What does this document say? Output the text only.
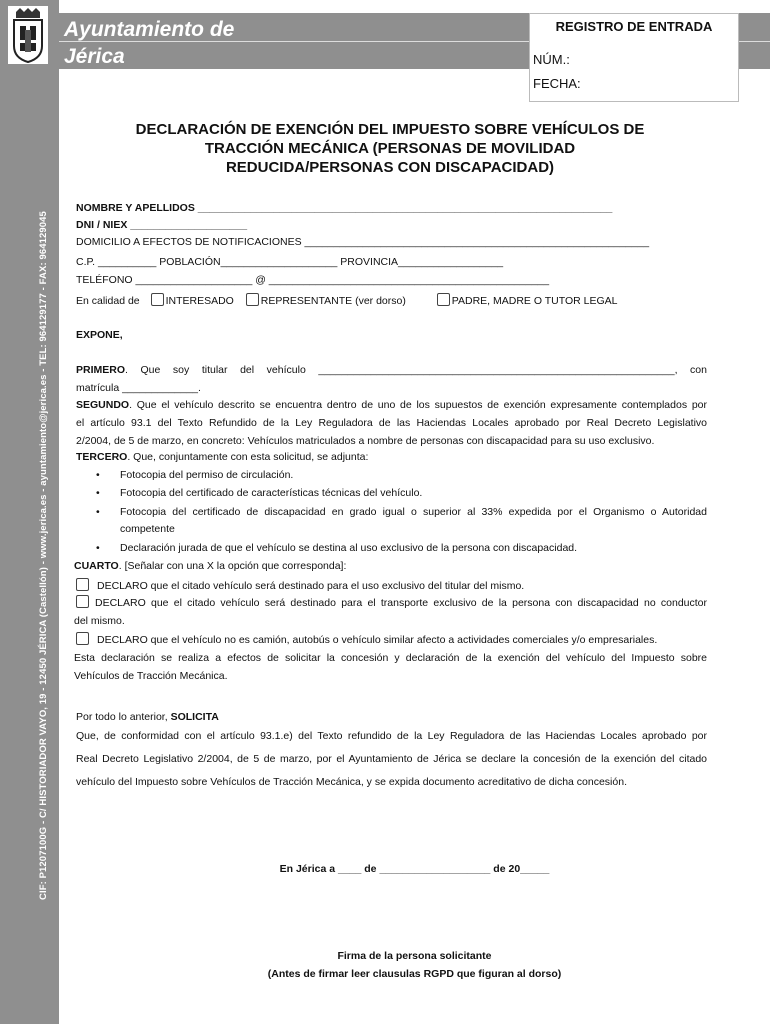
CIF: P1207100G - C/ HISTORIADOR VAYO, 19 - 12450 JÉRICA (Castellón) - www.jerica.es - ayuntamiento@jerica.es - TEL: 964129177 - FAX: 964129045
Ayuntamiento de
Jérica
REGISTRO DE ENTRADA
NÚM.:
FECHA:
DECLARACIÓN DE EXENCIÓN DEL IMPUESTO SOBRE VEHÍCULOS DE
TRACCIÓN MECÁNICA (PERSONAS DE MOVILIDAD
REDUCIDA/PERSONAS CON DISCAPACIDAD)
NOMBRE Y APELLIDOS _______________________________________________________________________
DNI / NIEX ____________________
DOMICILIO A EFECTOS DE NOTIFICACIONES ___________________________________________________________
C.P. __________ POBLACIÓN____________________ PROVINCIA__________________
TELÉFONO ____________________ @ ________________________________________________
En calidad de INTERESADO	REPRESENTANTE (ver dorso)	PADRE, MADRE O TUTOR LEGAL
EXPONE,
PRIMERO. Que soy titular del vehículo _____________________________________________________________, con
matrícula _____________.
SEGUNDO. Que el vehículo descrito se encuentra dentro de uno de los supuestos de exención expresamente contemplados por
el artículo 93.1 del Texto Refundido de la Ley Reguladora de las Haciendas Locales aprobado por Real Decreto Legislativo
2/2004, de 5 de marzo, en concreto: Vehículos matriculados a nombre de personas con discapacidad para su uso exclusivo.
TERCERO. Que, conjuntamente con esta solicitud, se adjunta:
• Fotocopia del permiso de circulación.
• Fotocopia del certificado de características técnicas del vehículo.
• Fotocopia del certificado de discapacidad en grado igual o superior al 33% expedida por el Organismo o Autoridad
competente
• Declaración jurada de que el vehículo se destina al uso exclusivo de la persona con discapacidad.
CUARTO. [Señalar con una X la opción que corresponda]:
DECLARO que el citado vehículo será destinado para el uso exclusivo del titular del mismo.
DECLARO que el citado vehículo será destinado para el transporte exclusivo de la persona con discapacidad no conductor
del mismo.
DECLARO que el vehículo no es camión, autobús o vehículo similar afecto a actividades comerciales y/o empresariales.
Esta declaración se realiza a efectos de solicitar la concesión y declaración de la exención del vehículo del Impuesto sobre
Vehículos de Tracción Mecánica.
Por todo lo anterior, SOLICITA
Que, de conformidad con el artículo 93.1.e) del Texto refundido de la Ley Reguladora de las Haciendas Locales aprobado por
Real Decreto Legislativo 2/2004, de 5 de marzo, por el Ayuntamiento de Jérica se declare la concesión de la exención del citado
vehículo del Impuesto sobre Vehículos de Tracción Mecánica, y se expida documento acreditativo de dicha concesión.
En Jérica a ____ de ___________________ de 20_____
Firma de la persona solicitante
(Antes de firmar leer clausulas RGPD que figuran al dorso)
